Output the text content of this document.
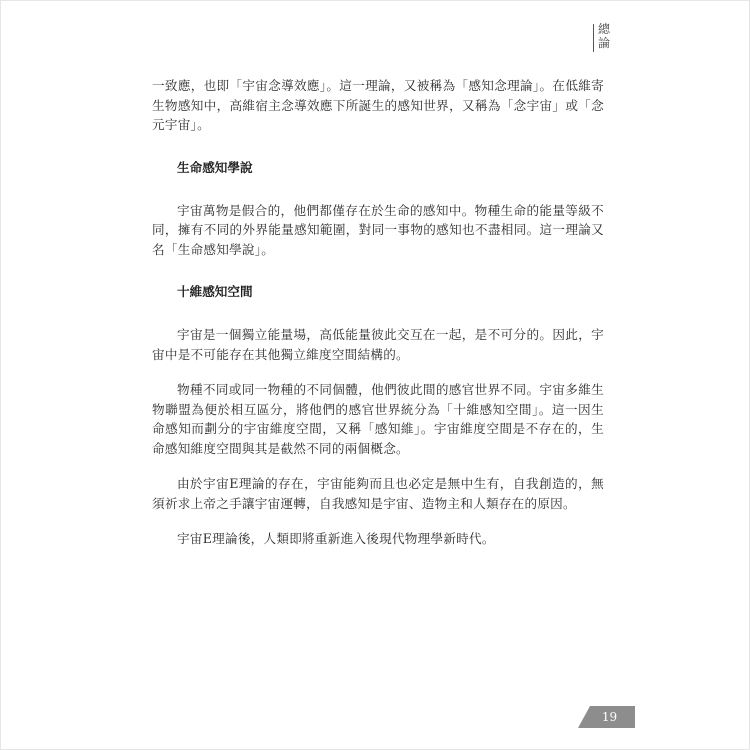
總
論

一致應，也即「宇宙念導效應」。這一理論，又被稱為「感知念理論」。在低維寄生物感知中，高維宿主念導效應下所誕生的感知世界，又稱為「念宇宙」或「念元宇宙」。

生命感知學說

宇宙萬物是假合的，他們都僅存在於生命的感知中。物種生命的能量等級不同，擁有不同的外界能量感知範圍，對同一事物的感知也不盡相同。這一理論又名「生命感知學說」。

十維感知空間

宇宙是一個獨立能量場，高低能量彼此交互在一起，是不可分的。因此，宇宙中是不可能存在其他獨立維度空間結構的。

物種不同或同一物種的不同個體，他們彼此間的感官世界不同。宇宙多維生物聯盟為便於相互區分，將他們的感官世界統分為「十維感知空間」。這一因生命感知而劃分的宇宙維度空間，又稱「感知維」。宇宙維度空間是不存在的，生命感知維度空間與其是截然不同的兩個概念。

由於宇宙E理論的存在，宇宙能夠而且也必定是無中生有，自我創造的，無須祈求上帝之手讓宇宙運轉，自我感知是宇宙、造物主和人類存在的原因。

宇宙E理論後，人類即將重新進入後現代物理學新時代。

19
